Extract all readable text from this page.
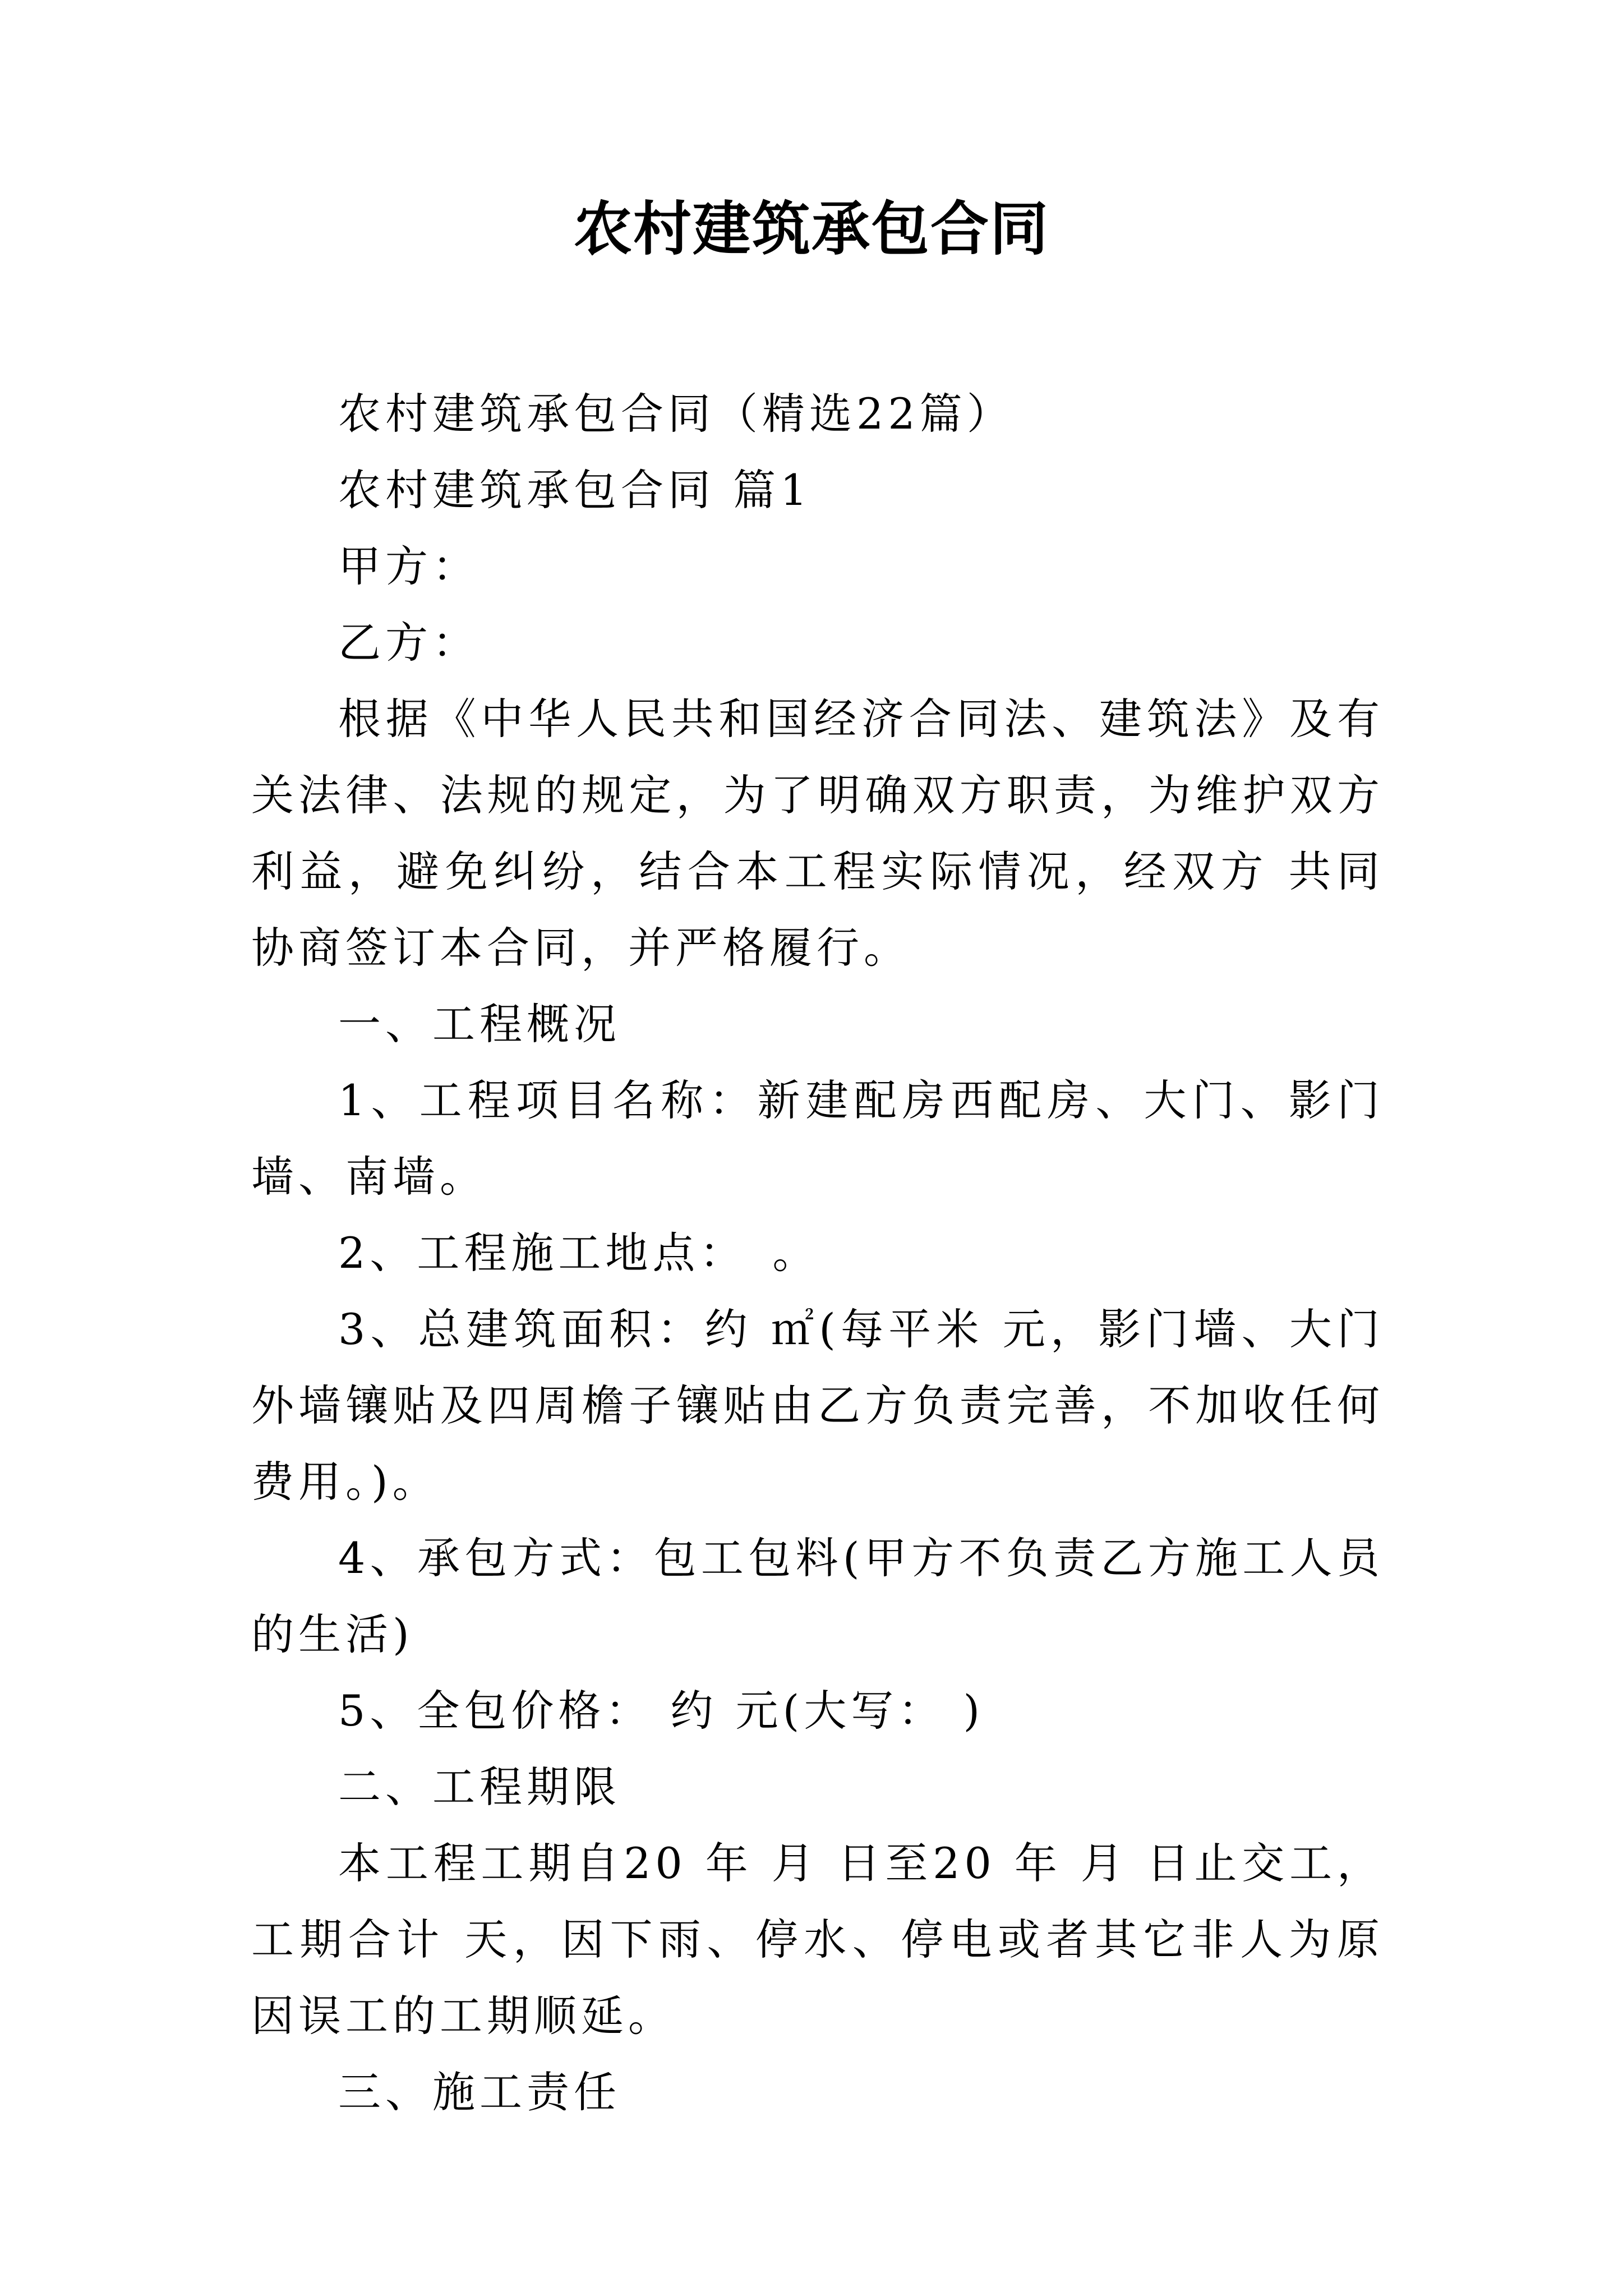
农村建筑承包合同

农村建筑承包合同（精选22篇）

农村建筑承包合同 篇1

甲方：

乙方：

根据《中华人民共和国经济合同法、建筑法》及有关法律、法规的规定，为了明确双方职责，为维护双方利益，避免纠纷，结合本工程实际情况，经双方 共同协商签订本合同，并严格履行。

一、工程概况

1、工程项目名称：新建配房西配房、大门、影门墙、南墙。

2、工程施工地点：　。

3、总建筑面积：约 ㎡(每平米 元，影门墙、大门外墙镶贴及四周檐子镶贴由乙方负责完善，不加收任何费用。)。

4、承包方式：包工包料(甲方不负责乙方施工人员的生活)

5、全包价格： 约 元(大写： )

二、工程期限

本工程工期自20 年 月 日至20 年 月 日止交工，工期合计 天，因下雨、停水、停电或者其它非人为原因误工的工期顺延。

三、施工责任
